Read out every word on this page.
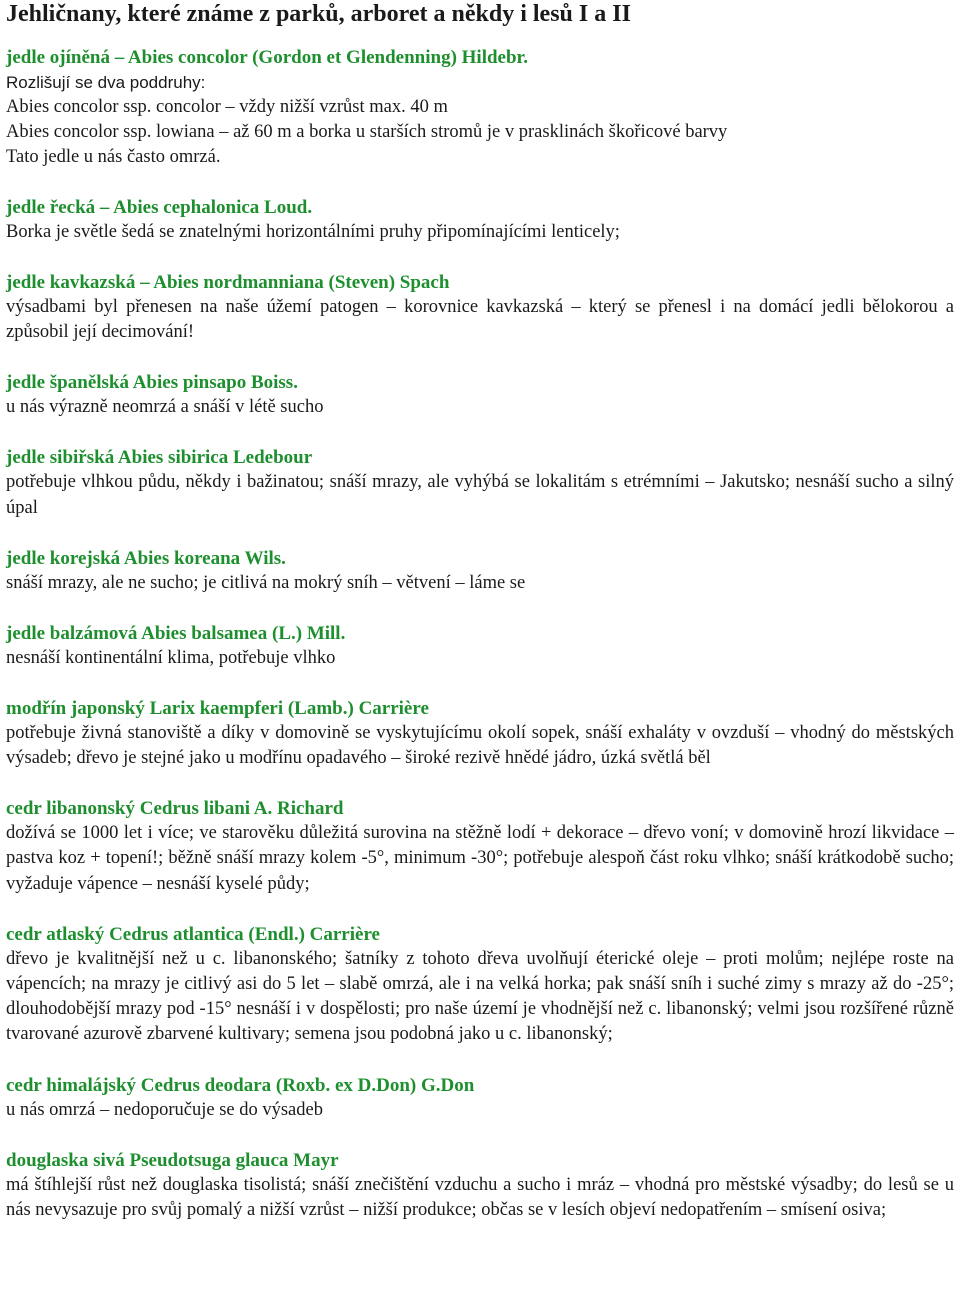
Jehličnany, které známe z parků, arboret a někdy i lesů I a II

jedle ojíněná – Abies concolor (Gordon et Glendenning) Hildebr.

Rozlišují se dva poddruhy:

Abies concolor ssp. concolor – vždy nižší vzrůst max. 40 m

Abies concolor ssp. lowiana – až 60 m a borka u starších stromů je v prasklinách škořicové barvy

Tato jedle u nás často omrzá.

jedle řecká – Abies cephalonica Loud.

Borka je světle šedá se znatelnými horizontálními pruhy připomínajícími lenticely;

jedle kavkazská – Abies nordmanniana (Steven) Spach

výsadbami byl přenesen na naše úžemí patogen – korovnice kavkazská – který se přenesl i na domácí jedli bělokorou a způsobil její decimování!

jedle španělská Abies pinsapo Boiss.

u nás výrazně neomrzá a snáší v létě sucho

jedle sibiřská Abies sibirica Ledebour

potřebuje vlhkou půdu, někdy i bažinatou; snáší mrazy, ale vyhýbá se lokalitám s etrémními – Jakutsko; nesnáší sucho a silný úpal

jedle korejská Abies koreana Wils.

snáší mrazy, ale ne sucho; je citlivá na mokrý sníh – větvení – láme se

jedle balzámová Abies balsamea (L.) Mill.

nesnáší kontinentální klima, potřebuje vlhko

modřín japonský Larix kaempferi (Lamb.) Carrière

potřebuje živná stanoviště a díky v domovině se vyskytujícímu okolí sopek, snáší exhaláty v ovzduší – vhodný do městských výsadeb; dřevo je stejné jako u modřínu opadavého – široké rezivě hnědé jádro, úzká světlá běl

cedr libanonský Cedrus libani A. Richard

dožívá se 1000 let i více; ve starověku důležitá surovina na stěžně lodí + dekorace – dřevo voní; v domovině hrozí likvidace – pastva koz + topení!; běžně snáší mrazy kolem -5°, minimum -30°; potřebuje alespoň část roku vlhko; snáší krátkodobě sucho; vyžaduje vápence – nesnáší kyselé půdy;

cedr atlaský Cedrus atlantica (Endl.) Carrière

dřevo je kvalitnější než u c. libanonského; šatníky z tohoto dřeva uvolňují éterické oleje – proti molům; nejlépe roste na vápencích; na mrazy je citlivý asi do 5 let – slabě omrzá, ale i na velká horka; pak snáší sníh i suché zimy s mrazy až do -25°; dlouhodobější mrazy pod -15° nesnáší i v dospělosti; pro naše území je vhodnější než c. libanonský; velmi jsou rozšířené různě tvarované azurově zbarvené kultivary; semena jsou podobná jako u c. libanonský;

cedr himalájský Cedrus deodara (Roxb. ex D.Don) G.Don

u nás omrzá – nedoporučuje se do výsadeb

douglaska sivá Pseudotsuga glauca Mayr

má štíhlejší růst než douglaska tisolistá; snáší znečištění vzduchu a sucho i mráz – vhodná pro městské výsadby; do lesů se u nás nevysazuje pro svůj pomalý a nižší vzrůst – nižší produkce; občas se v lesích objeví nedopatřením – smísení osiva;
